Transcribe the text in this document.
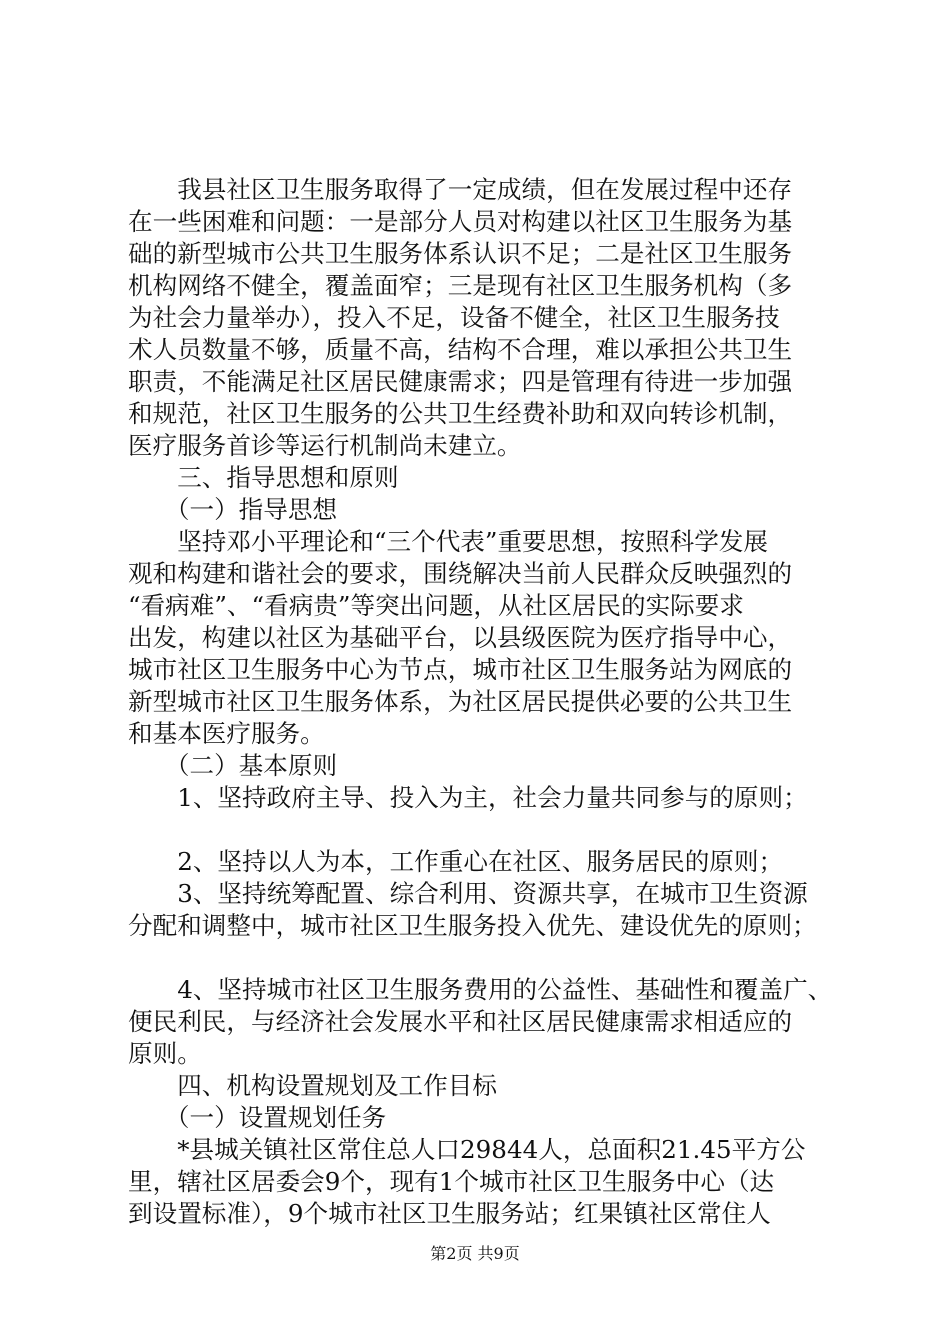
　　我县社区卫生服务取得了一定成绩，但在发展过程中还存
在一些困难和问题：一是部分人员对构建以社区卫生服务为基
础的新型城市公共卫生服务体系认识不足；二是社区卫生服务
机构网络不健全，覆盖面窄；三是现有社区卫生服务机构（多
为社会力量举办），投入不足，设备不健全，社区卫生服务技
术人员数量不够，质量不高，结构不合理，难以承担公共卫生
职责，不能满足社区居民健康需求；四是管理有待进一步加强
和规范，社区卫生服务的公共卫生经费补助和双向转诊机制，
医疗服务首诊等运行机制尚未建立。
　　三、指导思想和原则
　　（一）指导思想
　　坚持邓小平理论和“三个代表”重要思想，按照科学发展
观和构建和谐社会的要求，围绕解决当前人民群众反映强烈的
“看病难”、“看病贵”等突出问题，从社区居民的实际要求
出发，构建以社区为基础平台，以县级医院为医疗指导中心，
城市社区卫生服务中心为节点，城市社区卫生服务站为网底的
新型城市社区卫生服务体系，为社区居民提供必要的公共卫生
和基本医疗服务。
　　（二）基本原则
　　1、坚持政府主导、投入为主，社会力量共同参与的原则；
　　2、坚持以人为本，工作重心在社区、服务居民的原则；
　　3、坚持统筹配置、综合利用、资源共享，在城市卫生资源
分配和调整中，城市社区卫生服务投入优先、建设优先的原则；
　　4、坚持城市社区卫生服务费用的公益性、基础性和覆盖广、
便民利民，与经济社会发展水平和社区居民健康需求相适应的
原则。
　　四、机构设置规划及工作目标
　　（一）设置规划任务
　　*县城关镇社区常住总人口29844人，总面积21.45平方公
里，辖社区居委会9个，现有1个城市社区卫生服务中心（达
到设置标准），9个城市社区卫生服务站；红果镇社区常住人
第2页 共9页
